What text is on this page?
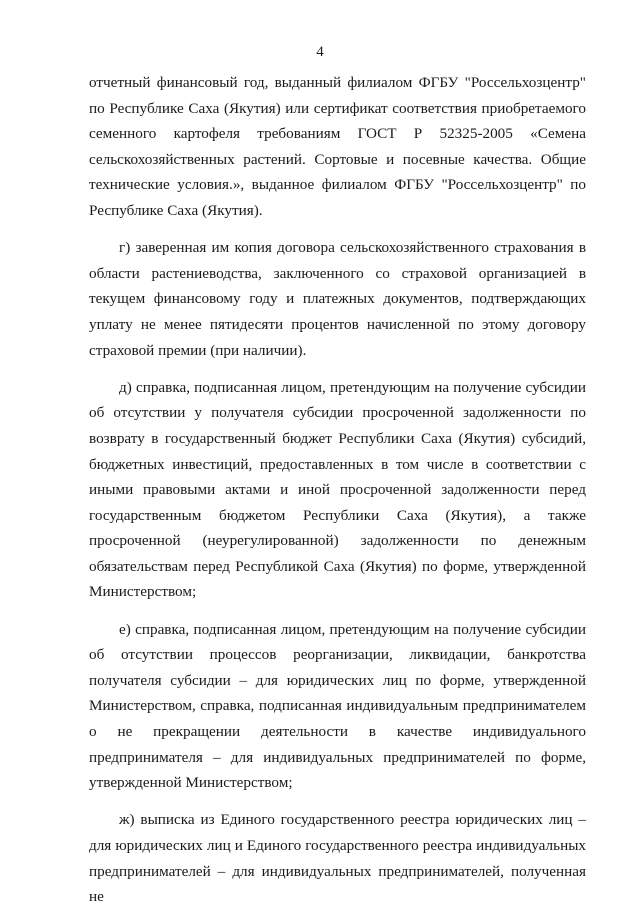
4

отчетный финансовый год, выданный филиалом ФГБУ "Россельхозцентр" по Республике Саха (Якутия) или сертификат соответствия приобретаемого семенного картофеля требованиям ГОСТ Р 52325-2005 «Семена сельскохозяйственных растений. Сортовые и посевные качества. Общие технические условия.», выданное филиалом ФГБУ "Россельхозцентр" по Республике Саха (Якутия).

г) заверенная им копия договора сельскохозяйственного страхования в области растениеводства, заключенного со страховой организацией в текущем финансовому году и платежных документов, подтверждающих уплату не менее пятидесяти процентов начисленной по этому договору страховой премии (при наличии).

д) справка, подписанная лицом, претендующим на получение субсидии об отсутствии у получателя субсидии просроченной задолженности по возврату в государственный бюджет Республики Саха (Якутия) субсидий, бюджетных инвестиций, предоставленных в том числе в соответствии с иными правовыми актами и иной просроченной задолженности перед государственным бюджетом Республики Саха (Якутия), а также просроченной (неурегулированной) задолженности по денежным обязательствам перед Республикой Саха (Якутия) по форме, утвержденной Министерством;

е) справка, подписанная лицом, претендующим на получение субсидии об отсутствии процессов реорганизации, ликвидации, банкротства получателя субсидии – для юридических лиц по форме, утвержденной Министерством, справка, подписанная индивидуальным предпринимателем о не прекращении деятельности в качестве индивидуального предпринимателя – для индивидуальных предпринимателей по форме, утвержденной Министерством;

ж) выписка из Единого государственного реестра юридических лиц – для юридических лиц и Единого государственного реестра индивидуальных предпринимателей – для индивидуальных предпринимателей, полученная не
